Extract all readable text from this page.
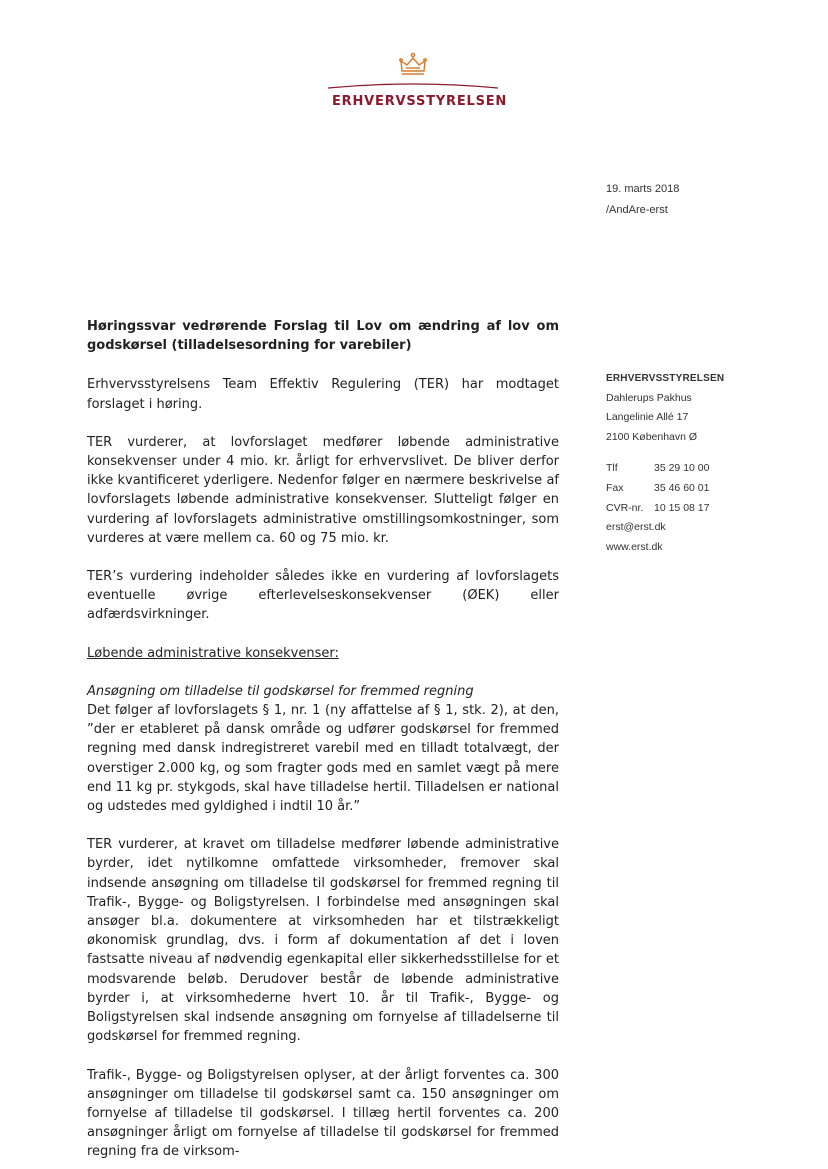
ERHVERVSSTYRELSEN
19. marts 2018
/AndAre-erst
ERHVERVSSTYRELSEN
Dahlerups Pakhus
Langelinie Allé 17
2100 København Ø
Tlf	35 29 10 00
Fax	35 46 60 01
CVR-nr.	10 15 08 17
erst@erst.dk
www.erst.dk

Høringssvar vedrørende Forslag til Lov om ændring af lov om godskørsel (tilladelsesordning for varebiler)

Erhvervsstyrelsens Team Effektiv Regulering (TER) har modtaget forslaget i høring.

TER vurderer, at lovforslaget medfører løbende administrative konsekvenser under 4 mio. kr. årligt for erhvervslivet. De bliver derfor ikke kvantificeret yderligere. Nedenfor følger en nærmere beskrivelse af lovforslagets løbende administrative konsekvenser. Slutteligt følger en vurdering af lovforslagets administrative omstillingsomkostninger, som vurderes at være mellem ca. 60 og 75 mio. kr.

TER’s vurdering indeholder således ikke en vurdering af lovforslagets eventuelle øvrige efterlevelseskonsekvenser (ØEK) eller adfærdsvirkninger.

Løbende administrative konsekvenser:

Ansøgning om tilladelse til godskørsel for fremmed regning

Det følger af lovforslagets § 1, nr. 1 (ny affattelse af § 1, stk. 2), at den, ”der er etableret på dansk område og udfører godskørsel for fremmed regning med dansk indregistreret varebil med en tilladt totalvægt, der overstiger 2.000 kg, og som fragter gods med en samlet vægt på mere end 11 kg pr. stykgods, skal have tilladelse hertil. Tilladelsen er national og udstedes med gyldighed i indtil 10 år.”

TER vurderer, at kravet om tilladelse medfører løbende administrative byrder, idet nytilkomne omfattede virksomheder, fremover skal indsende ansøgning om tilladelse til godskørsel for fremmed regning til Trafik-, Bygge- og Boligstyrelsen. I forbindelse med ansøgningen skal ansøger bl.a. dokumentere at virksomheden har et tilstrækkeligt økonomisk grundlag, dvs. i form af dokumentation af det i loven fastsatte niveau af nødvendig egenkapital eller sikkerhedsstillelse for et modsvarende beløb. Derudover består de løbende administrative byrder i, at virksomhederne hvert 10. år til Trafik-, Bygge- og Boligstyrelsen skal indsende ansøgning om fornyelse af tilladelserne til godskørsel for fremmed regning.

Trafik-, Bygge- og Boligstyrelsen oplyser, at der årligt forventes ca. 300 ansøgninger om tilladelse til godskørsel samt ca. 150 ansøgninger om fornyelse af tilladelse til godskørsel. I tillæg hertil forventes ca. 200 ansøgninger årligt om fornyelse af tilladelse til godskørsel for fremmed regning fra de virksom-
